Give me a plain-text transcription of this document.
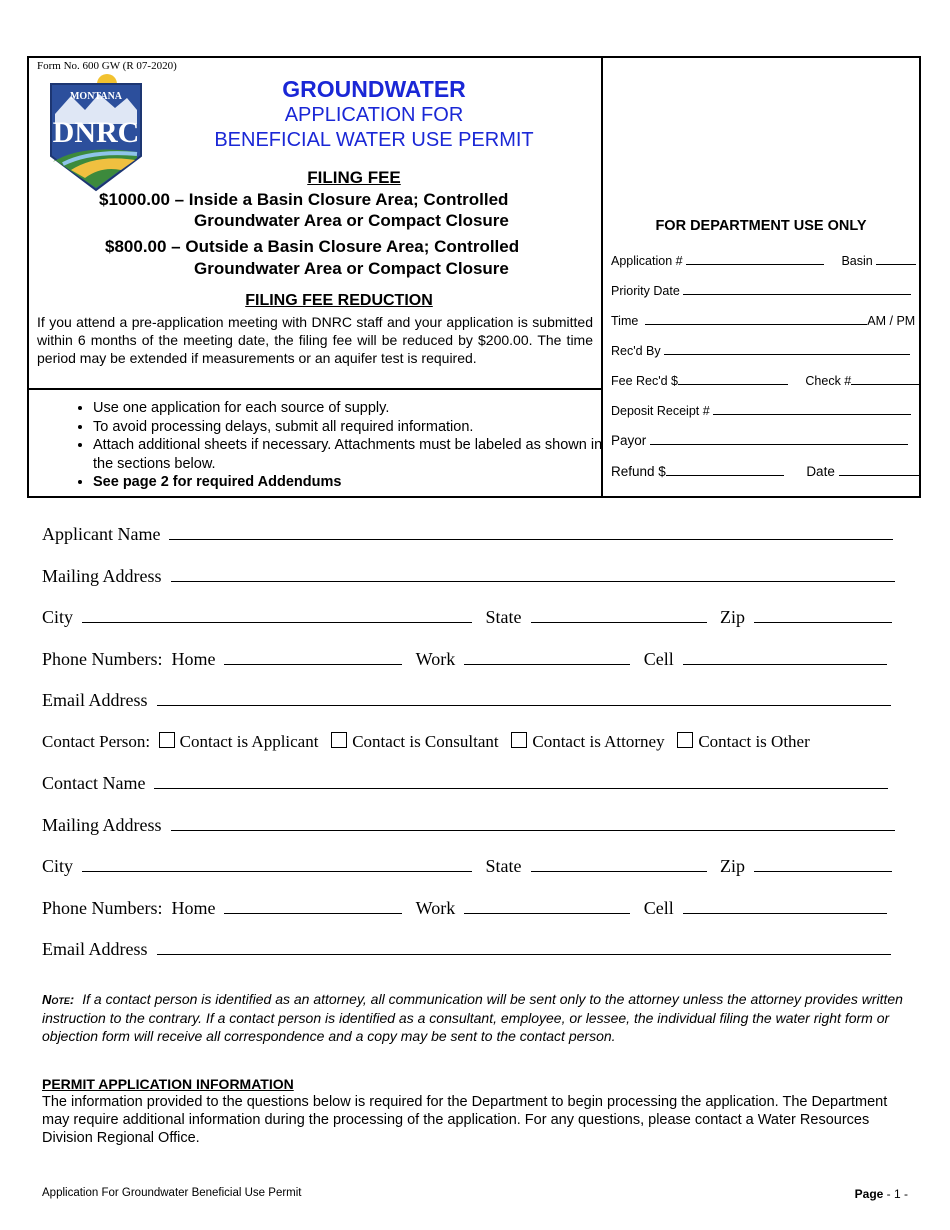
Form No. 600 GW (R 07-2020)
MONTANA
DNRC
GROUNDWATER
APPLICATION FOR
BENEFICIAL WATER USE PERMIT
FILING FEE
$1000.00 – Inside a Basin Closure Area; Controlled
Groundwater Area or Compact Closure
$800.00 – Outside a Basin Closure Area; Controlled
Groundwater Area or Compact Closure
FILING FEE REDUCTION
If you attend a pre-application meeting with DNRC staff and your application is submitted within 6 months of the meeting date, the filing fee will be reduced by $200.00. The time period may be extended if measurements or an aquifer test is required.
• Use one application for each source of supply.
• To avoid processing delays, submit all required information.
• Attach additional sheets if necessary. Attachments must be labeled as shown in the sections below.
• See page 2 for required Addendums
FOR DEPARTMENT USE ONLY
Application #	Basin
Priority Date
Time	AM / PM
Rec'd By
Fee Rec'd $	Check #
Deposit Receipt #
Payor
Refund $	Date
Applicant Name
Mailing Address
City	State	Zip
Phone Numbers:  Home	Work	Cell
Email Address
Contact Person: Contact is Applicant Contact is Consultant Contact is Attorney Contact is Other
Contact Name
Mailing Address
City	State	Zip
Phone Numbers:  Home	Work	Cell
Email Address
Note: If a contact person is identified as an attorney, all communication will be sent only to the attorney unless the attorney provides written instruction to the contrary. If a contact person is identified as a consultant, employee, or lessee, the individual filing the water right form or objection form will receive all correspondence and a copy may be sent to the contact person.
PERMIT APPLICATION INFORMATION
The information provided to the questions below is required for the Department to begin processing the application. The Department may require additional information during the processing of the application. For any questions, please contact a Water Resources Division Regional Office.
Application For Groundwater Beneficial Use Permit	Page - 1 -
